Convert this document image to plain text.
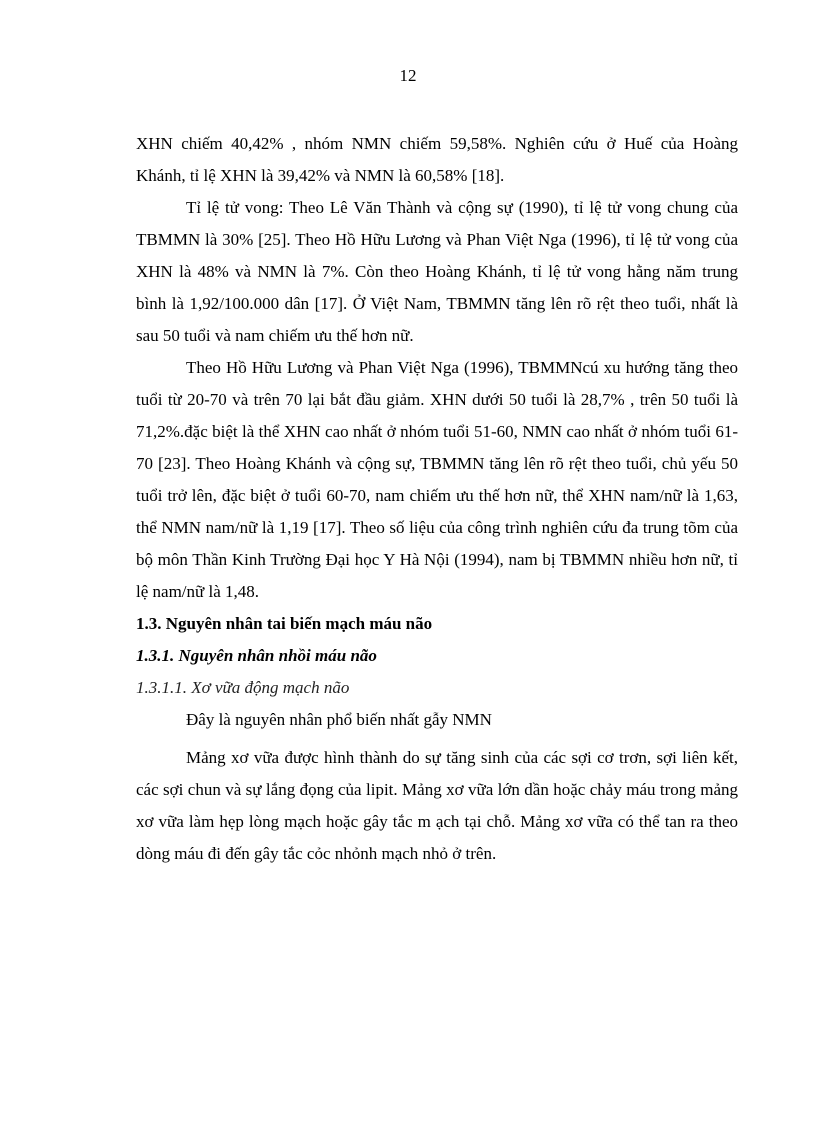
12

XHN chiếm 40,42% , nhóm NMN chiếm 59,58%. Nghiên cứu ở Huế của Hoàng Khánh, tỉ lệ XHN là 39,42% và NMN là 60,58% [18].

Tỉ lệ tử vong: Theo Lê Văn Thành và cộng sự (1990), tỉ lệ tử vong chung của TBMMN là 30% [25]. Theo Hồ Hữu Lương và Phan Việt Nga (1996), tỉ lệ tử vong của XHN là 48% và NMN là 7%. Còn theo Hoàng Khánh, tỉ lệ tử vong hằng năm trung bình là 1,92/100.000 dân [17]. Ở Việt Nam, TBMMN tăng lên rõ rệt theo tuổi, nhất là sau 50 tuổi và nam chiếm ưu thế hơn nữ.

Theo Hồ Hữu Lương và Phan Việt Nga (1996), TBMMNcú xu hướng tăng theo tuổi từ 20-70 và trên 70 lại bắt đầu giảm. XHN dưới 50 tuổi là 28,7% , trên 50 tuổi là 71,2%.đặc biệt là thể XHN cao nhất ở nhóm tuổi 51-60, NMN cao nhất ở nhóm tuổi 61-70 [23]. Theo Hoàng Khánh và cộng sự, TBMMN tăng lên rõ rệt theo tuổi, chủ yếu 50 tuổi trở lên, đặc biệt ở tuổi 60-70, nam chiếm ưu thế hơn nữ, thể XHN nam/nữ là 1,63, thể NMN nam/nữ là 1,19 [17]. Theo số liệu của công trình nghiên cứu đa trung tõm của bộ môn Thần Kinh Trường Đại học Y Hà Nội (1994), nam bị TBMMN nhiều hơn nữ, tỉ lệ nam/nữ là 1,48.

1.3. Nguyên nhân tai biến mạch máu não

1.3.1. Nguyên nhân nhồi máu não

1.3.1.1. Xơ vữa động mạch não

Đây là nguyên nhân phổ biến nhất gẫy NMN

Mảng xơ vữa được hình thành do sự tăng sinh của các sợi cơ trơn, sợi liên kết, các sợi chun và sự lắng đọng của lipit. Mảng xơ vữa lớn dần hoặc chảy máu trong mảng xơ vữa làm hẹp lòng mạch hoặc gây tắc m ạch tại chỗ. Mảng xơ vữa có thể tan ra theo dòng máu đi đến gây tắc cỏc nhỏnh mạch nhỏ ở trên.
